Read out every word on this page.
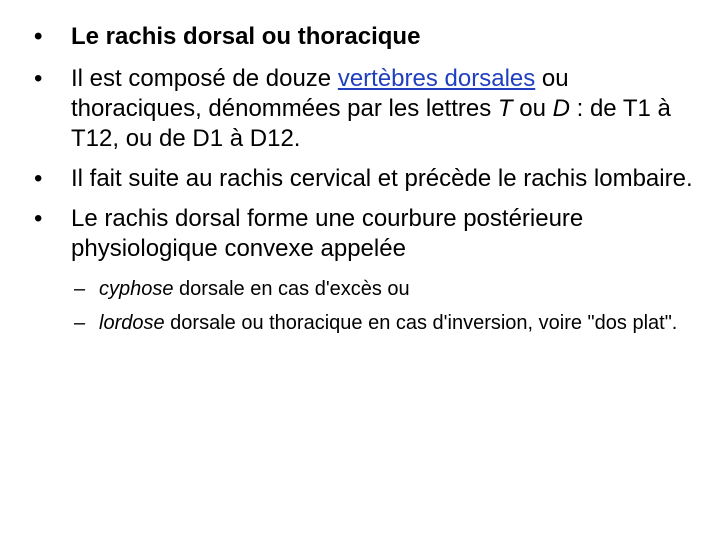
•	Le rachis dorsal ou thoracique
•	Il est composé de douze vertèbres dorsales ou thoraciques, dénommées par les lettres T ou D : de T1 à T12, ou de D1 à D12.
•	Il fait suite au rachis cervical et précède le rachis lombaire.
•	Le rachis dorsal forme une courbure postérieure physiologique convexe appelée
– cyphose dorsale en cas d'excès ou
– lordose dorsale ou thoracique en cas d'inversion, voire "dos plat".
